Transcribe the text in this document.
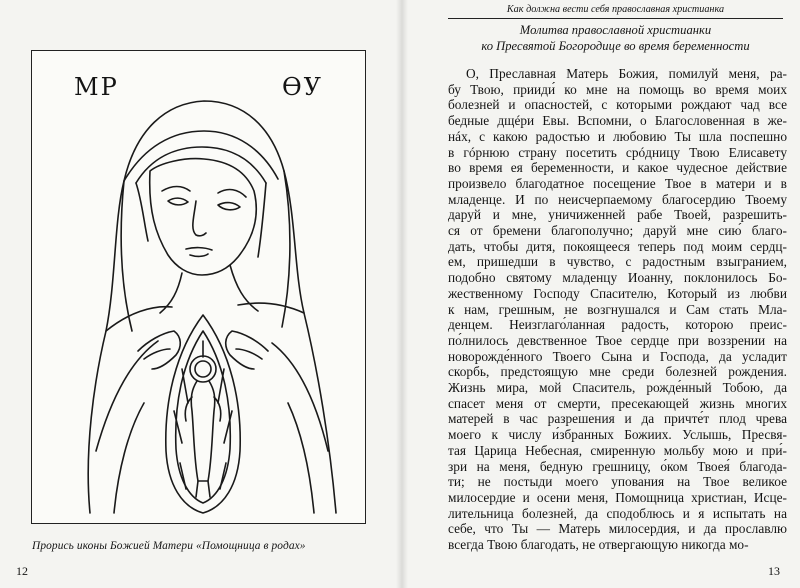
МР	ѲУ
Прорись иконы Божией Матери «Помощница в родах»
12
Как должна вести себя православная христианка
Молитва православной христианки
ко Пресвятой Богородице во время беременности
О, Преславная Матерь Божия, помилуй меня, ра-
бу Твою, прииди́ ко мне на помощь во время моих
болезней и опасностей, с которыми рождают чад все
бедные дщéри Евы. Вспомни, о Благословенная в же-
нáх, с какою радостью и любовию Ты шла поспешно
в гóрнюю страну посетить срóдницу Твою Елисавету
во время ея беременности, и какое чудесное действие
произвело благодатное посещение Твое в матери и в
младенце. И по неисчерпаемому благосердию Твоему
даруй и мне, уничиженней рабе Твоей, разрешить-
ся от бремени благополучно; даруй мне сию́ благо-
дать, чтобы дитя, покоящееся теперь под моим сердц-
ем, пришедши в чувство, с радостным взыгранием,
подобно святому младенцу Иоанну, поклонилось Бо-
жественному Господу Спасителю, Который из любви
к нам, грешным, не возгнушался и Сам стать Мла-
денцем. Неизглаго́ланная радость, которою преис-
по́лнилось девственное Твое сердце при воззрении на
новорожде́нного Твоего Сына и Господа, да усладит
скорбь, предстоящую мне среди болезней рождения.
Жизнь мира, мой Спаситель, рожде́нный Тобою, да
спасет меня от смерти, пресекающей жизнь многих
матерей в час разрешения и да причте́т плод чрева
моего к числу и́збранных Божиих. Услышь, Пресвя-
тая Царица Небесная, смиренную мольбу мою и при́-
зри на меня, бедную грешницу, о́ком Твоея́ благода-
ти; не постыди моего упования на Твое великое
милосердие и осени меня, Помощница христиан, Исце-
лительница болезней, да сподоблюсь и я испытать на
себе, что Ты — Матерь милосердия, и да прославлю
всегда Твою благодать, не отвергающую никогда мо-
13
